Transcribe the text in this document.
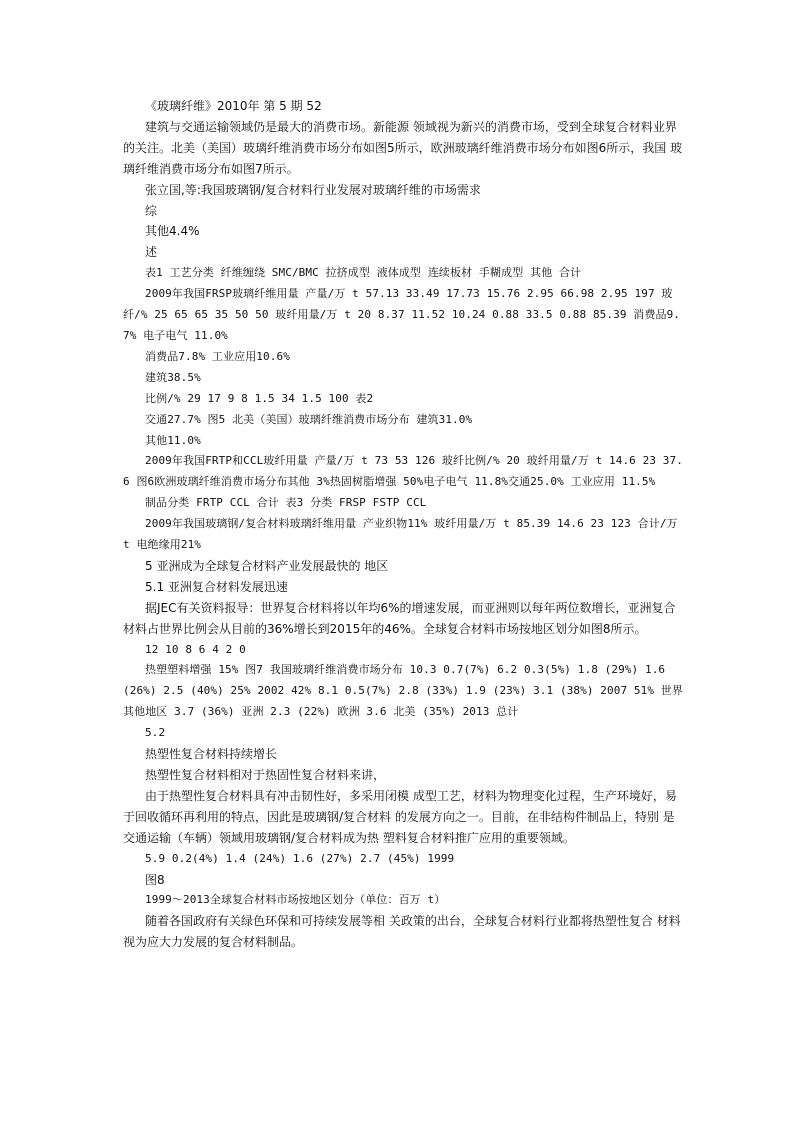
《玻璃纤维》2010年 第 5 期 52

建筑与交通运输领域仍是最大的消费市场。新能源 领域视为新兴的消费市场，受到全球复合材料业界 的关注。北美（美国）玻璃纤维消费市场分布如图5所示，欧洲玻璃纤维消费市场分布如图6所示，我国 玻璃纤维消费市场分布如图7所示。

张立国,等:我国玻璃钢/复合材料行业发展对玻璃纤维的市场需求

综

其他4.4%

述

表1 工艺分类 纤维缠绕 SMC/BMC 拉挤成型 液体成型 连续板材 手糊成型 其他 合计

2009年我国FRSP玻璃纤维用量 产量/万 t 57.13 33.49 17.73 15.76 2.95 66.98 2.95 197 玻纤/% 25 65 65 35 50 50 玻纤用量/万 t 20 8.37 11.52 10.24 0.88 33.5 0.88 85.39 消费品9.7% 电子电气 11.0%

消费品7.8% 工业应用10.6%

建筑38.5%

比例/% 29 17 9 8 1.5 34 1.5 100 表2

交通27.7% 图5 北美（美国）玻璃纤维消费市场分布 建筑31.0%

其他11.0%

2009年我国FRTP和CCL玻纤用量 产量/万 t 73 53 126 玻纤比例/% 20 玻纤用量/万 t 14.6 23 37.6 图6欧洲玻璃纤维消费市场分布其他 3%热固树脂增强 50%电子电气 11.8%交通25.0% 工业应用 11.5%

制品分类 FRTP CCL 合计 表3 分类 FRSP FSTP CCL

2009年我国玻璃钢/复合材料玻璃纤维用量 产业织物11% 玻纤用量/万 t 85.39 14.6 23 123 合计/万 t 电绝缘用21%

5 亚洲成为全球复合材料产业发展最快的 地区

5.1 亚洲复合材料发展迅速

据JEC有关资料报导：世界复合材料将以年均6%的增速发展，而亚洲则以每年两位数增长，亚洲复合材料占世界比例会从目前的36%增长到2015年的46%。全球复合材料市场按地区划分如图8所示。

12 10 8 6 4 2 0

热塑塑料增强 15% 图7 我国玻璃纤维消费市场分布 10.3 0.7(7%) 6.2 0.3(5%) 1.8 (29%) 1.6 (26%) 2.5 (40%) 25% 2002 42% 8.1 0.5(7%) 2.8 (33%) 1.9 (23%) 3.1 (38%) 2007 51% 世界其他地区 3.7 (36%) 亚洲 2.3 (22%) 欧洲 3.6 北美 (35%) 2013 总计

5.2

热塑性复合材料持续增长

热塑性复合材料相对于热固性复合材料来讲，

由于热塑性复合材料具有冲击韧性好，多采用闭模 成型工艺，材料为物理变化过程，生产环境好，易 于回收循环再利用的特点，因此是玻璃钢/复合材料 的发展方向之一。目前，在非结构件制品上，特别 是交通运输（车辆）领域用玻璃钢/复合材料成为热 塑料复合材料推广应用的重要领域。

5.9 0.2(4%) 1.4 (24%) 1.6 (27%) 2.7 (45%) 1999

图8

1999～2013全球复合材料市场按地区划分（单位：百万 t）

随着各国政府有关绿色环保和可持续发展等相 关政策的出台，全球复合材料行业都将热塑性复合 材料视为应大力发展的复合材料制品。
